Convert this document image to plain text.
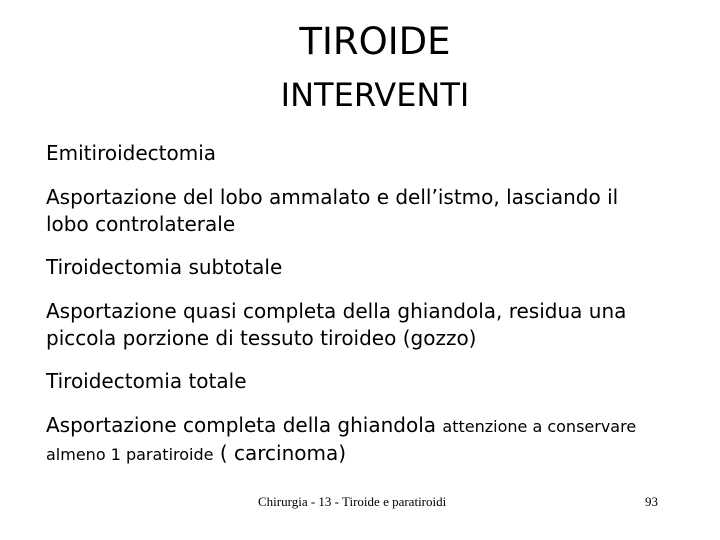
TIROIDE
INTERVENTI
Emitiroidectomia
Asportazione del lobo ammalato e dell’istmo, lasciando il
lobo controlaterale
Tiroidectomia subtotale
Asportazione quasi completa della ghiandola, residua una
piccola porzione di tessuto tiroideo (gozzo)
Tiroidectomia totale
Asportazione completa della ghiandola attenzione a conservare
almeno 1 paratiroide ( carcinoma)
Chirurgia - 13 - Tiroide e paratiroidi	93
